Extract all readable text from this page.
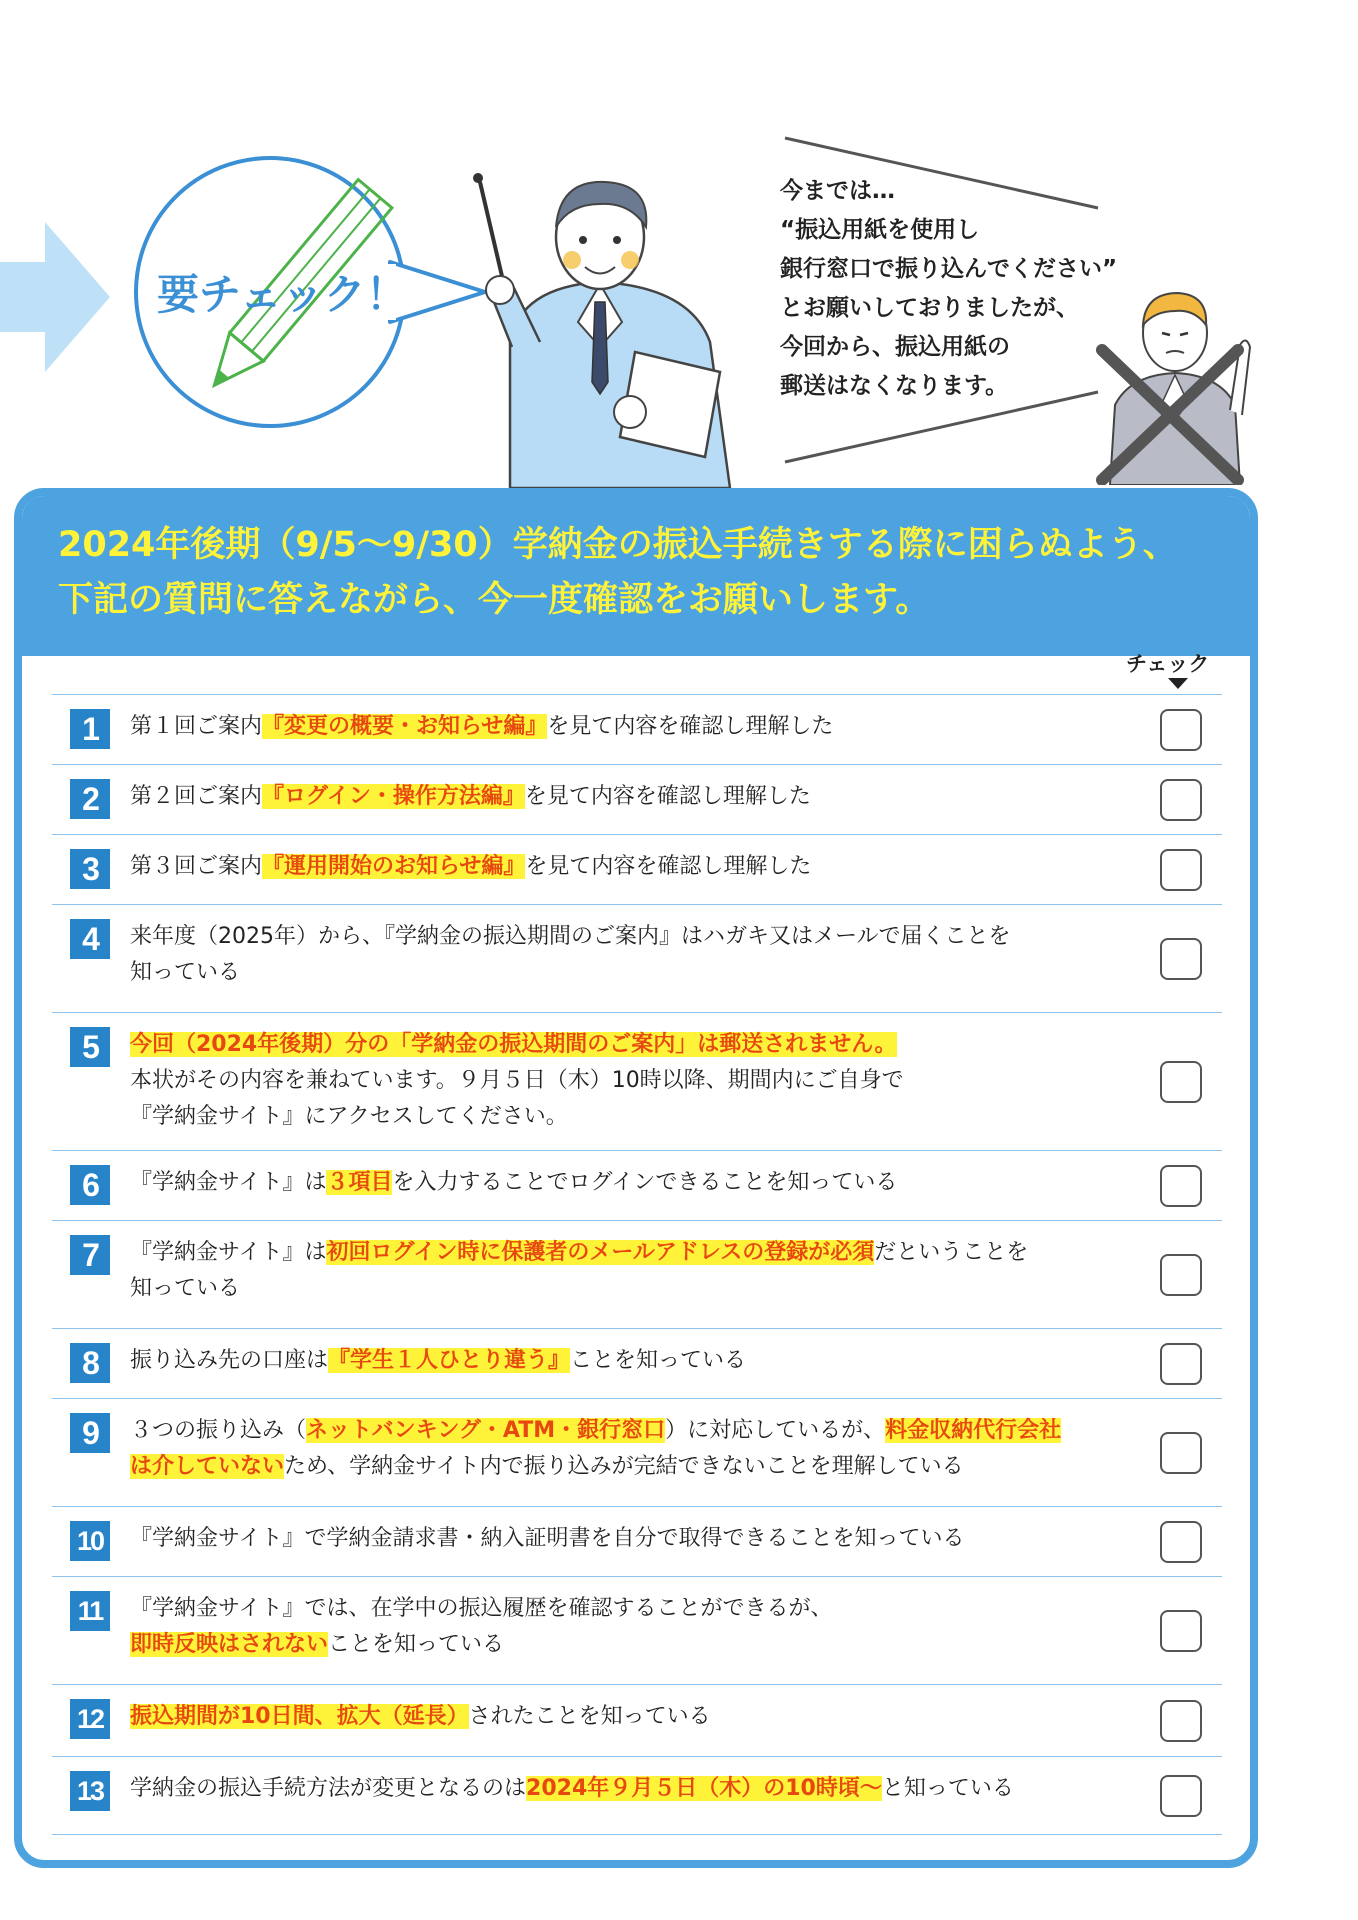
要チェック！
今までは…
“振込用紙を使用し
銀行窓口で振り込んでください”
とお願いしておりましたが、
今回から、振込用紙の
郵送はなくなります。
2024年後期（9/5〜9/30）学納金の振込手続きする際に困らぬよう、
下記の質問に答えながら、今一度確認をお願いします。
チェック
1	第１回ご案内『変更の概要・お知らせ編』を見て内容を確認し理解した
2	第２回ご案内『ログイン・操作方法編』を見て内容を確認し理解した
3	第３回ご案内『運用開始のお知らせ編』を見て内容を確認し理解した
4	来年度（2025年）から、『学納金の振込期間のご案内』はハガキ又はメールで届くことを
知っている
5	今回（2024年後期）分の「学納金の振込期間のご案内」は郵送されません。
本状がその内容を兼ねています。９月５日（木）10時以降、期間内にご自身で
『学納金サイト』にアクセスしてください。
6	『学納金サイト』は３項目を入力することでログインできることを知っている
7	『学納金サイト』は初回ログイン時に保護者のメールアドレスの登録が必須だということを
知っている
8	振り込み先の口座は『学生１人ひとり違う』ことを知っている
9	３つの振り込み（ネットバンキング・ATM・銀行窓口）に対応しているが、料金収納代行会社
は介していないため、学納金サイト内で振り込みが完結できないことを理解している
10	『学納金サイト』で学納金請求書・納入証明書を自分で取得できることを知っている
11	『学納金サイト』では、在学中の振込履歴を確認することができるが、
即時反映はされないことを知っている
12	振込期間が10日間、拡大（延長）されたことを知っている
13	学納金の振込手続方法が変更となるのは2024年９月５日（木）の10時頃〜と知っている
